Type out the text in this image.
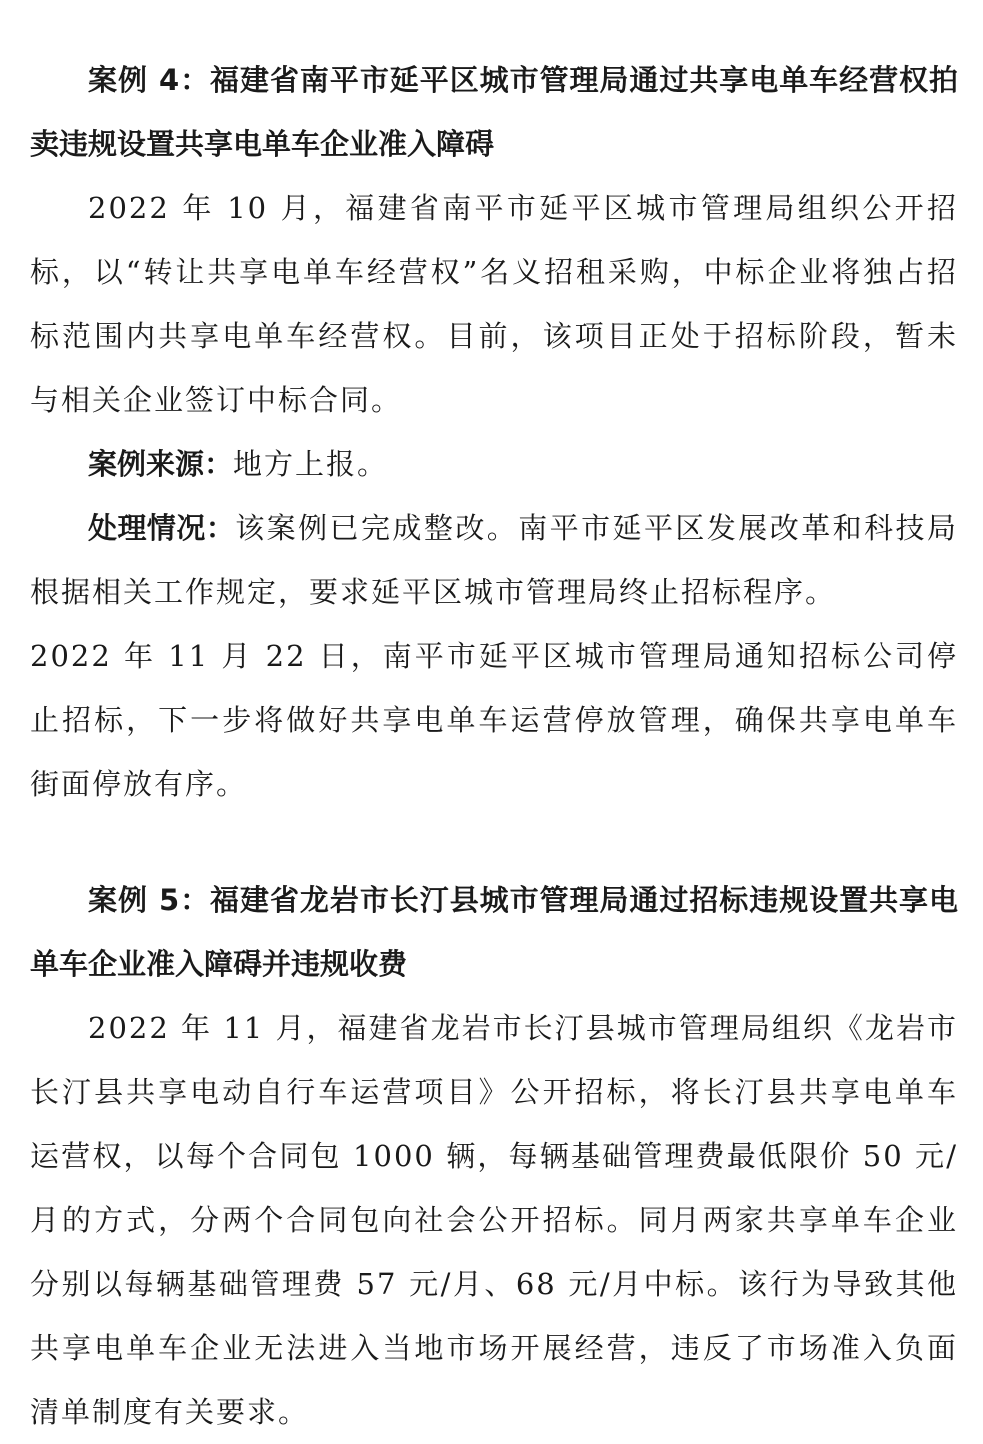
案例 4：福建省南平市延平区城市管理局通过共享电单车经营权拍卖违规设置共享电单车企业准入障碍

2022 年 10 月，福建省南平市延平区城市管理局组织公开招标，以“转让共享电单车经营权”名义招租采购，中标企业将独占招标范围内共享电单车经营权。目前，该项目正处于招标阶段，暂未与相关企业签订中标合同。

案例来源：地方上报。

处理情况：该案例已完成整改。南平市延平区发展改革和科技局根据相关工作规定，要求延平区城市管理局终止招标程序。

2022 年 11 月 22 日，南平市延平区城市管理局通知招标公司停止招标，下一步将做好共享电单车运营停放管理，确保共享电单车街面停放有序。

案例 5：福建省龙岩市长汀县城市管理局通过招标违规设置共享电单车企业准入障碍并违规收费

2022 年 11 月，福建省龙岩市长汀县城市管理局组织《龙岩市长汀县共享电动自行车运营项目》公开招标，将长汀县共享电单车运营权，以每个合同包 1000 辆，每辆基础管理费最低限价 50 元/月的方式，分两个合同包向社会公开招标。同月两家共享单车企业分别以每辆基础管理费 57 元/月、68 元/月中标。该行为导致其他共享电单车企业无法进入当地市场开展经营，违反了市场准入负面清单制度有关要求。
